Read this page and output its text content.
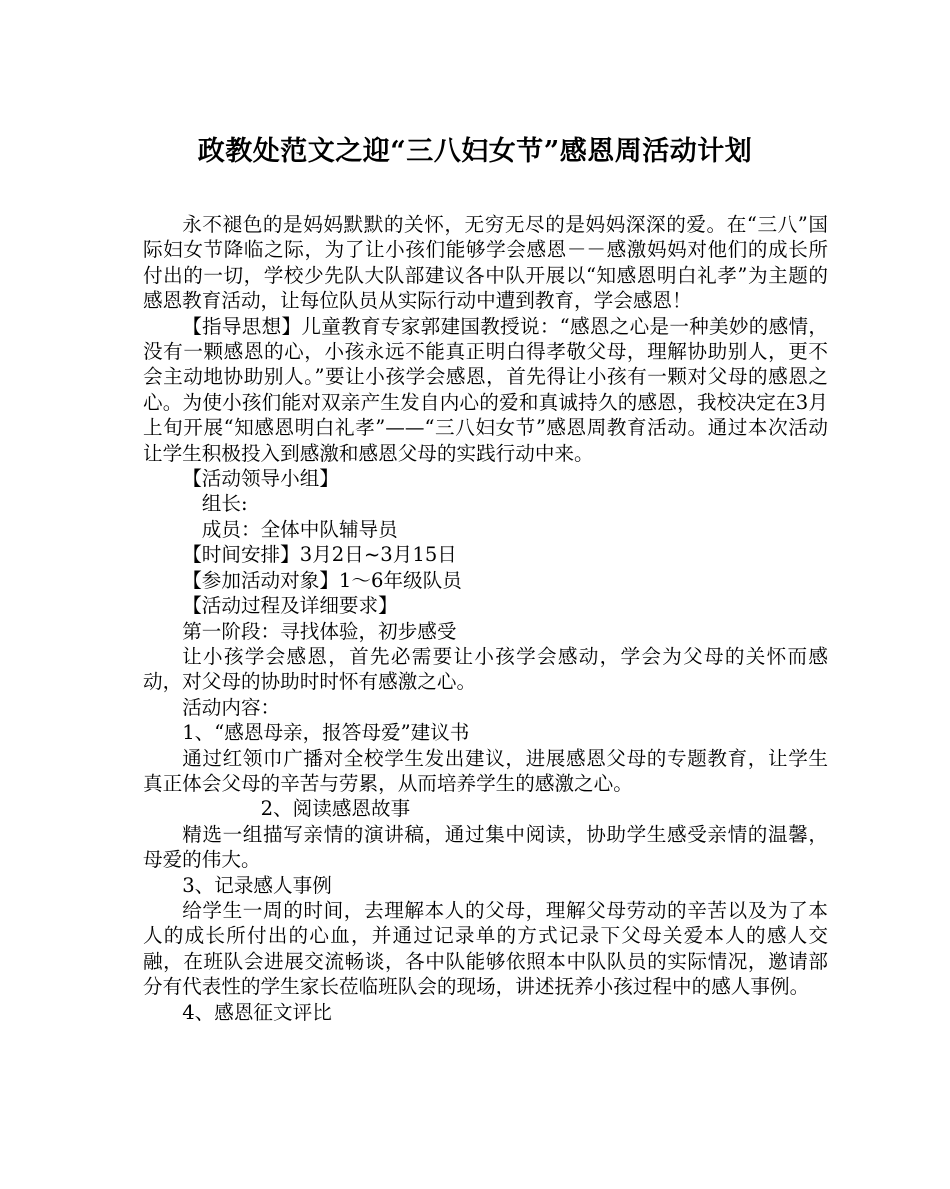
政教处范文之迎“三八妇女节”感恩周活动计划

永不褪色的是妈妈默默的关怀，无穷无尽的是妈妈深深的爱。在“三八”国际妇女节降临之际，为了让小孩们能够学会感恩－－感激妈妈对他们的成长所付出的一切，学校少先队大队部建议各中队开展以“知感恩明白礼孝”为主题的感恩教育活动，让每位队员从实际行动中遭到教育，学会感恩！

【指导思想】儿童教育专家郭建国教授说：“感恩之心是一种美妙的感情，没有一颗感恩的心，小孩永远不能真正明白得孝敬父母，理解协助别人，更不会主动地协助别人。”要让小孩学会感恩，首先得让小孩有一颗对父母的感恩之心。为使小孩们能对双亲产生发自内心的爱和真诚持久的感恩，我校决定在3月上旬开展“知感恩明白礼孝”——“三八妇女节”感恩周教育活动。通过本次活动让学生积极投入到感激和感恩父母的实践行动中来。

【活动领导小组】

组长:

成员：全体中队辅导员

【时间安排】3月2日~3月15日

【参加活动对象】1～6年级队员

【活动过程及详细要求】

第一阶段：寻找体验，初步感受

让小孩学会感恩，首先必需要让小孩学会感动，学会为父母的关怀而感动，对父母的协助时时怀有感激之心。

活动内容：

1、“感恩母亲，报答母爱”建议书

通过红领巾广播对全校学生发出建议，进展感恩父母的专题教育，让学生真正体会父母的辛苦与劳累，从而培养学生的感激之心。

2、阅读感恩故事

精选一组描写亲情的演讲稿，通过集中阅读，协助学生感受亲情的温馨，母爱的伟大。

3、记录感人事例

给学生一周的时间，去理解本人的父母，理解父母劳动的辛苦以及为了本人的成长所付出的心血，并通过记录单的方式记录下父母关爱本人的感人交融，在班队会进展交流畅谈，各中队能够依照本中队队员的实际情况，邀请部分有代表性的学生家长莅临班队会的现场，讲述抚养小孩过程中的感人事例。

4、感恩征文评比
